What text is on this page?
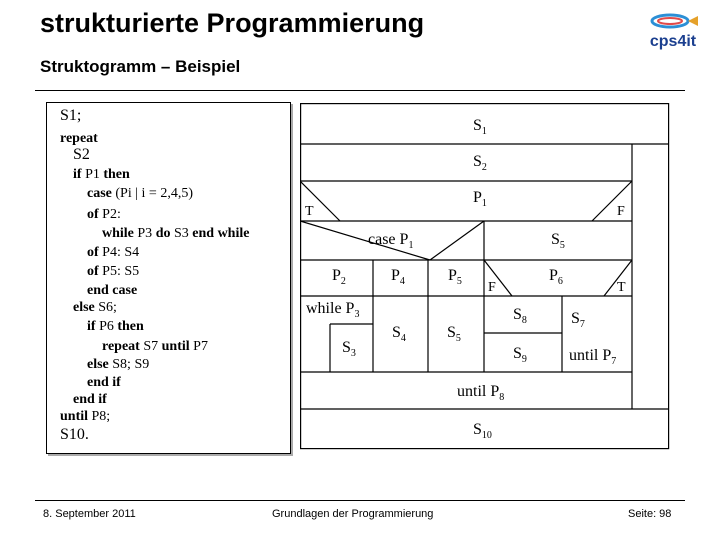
strukturierte Programmierung
Struktogramm – Beispiel
cps4it
S1;
repeat
S2
if P1 then
case (Pi | i = 2,4,5)
of P2:
while P3 do S3 end while
of P4: S4
of P5: S5
end case
else S6;
if P6 then
repeat S7 until P7
else S8; S9
end if
end if
until P8;
S10.
$S_1$
$S_2$
$P_1$
T	F
case $P_1$	$S_5$
$P_2$	$P_4$	$P_5$ F
$P_6$	T
while $P_3$
$S_3$
$S_4$	$S_5$
$S_8$
$S_9$
$S_7$
until $P_7$
until $P_8$
$S_{10}$
8. September 2011	Grundlagen der Programmierung	Seite: 98
